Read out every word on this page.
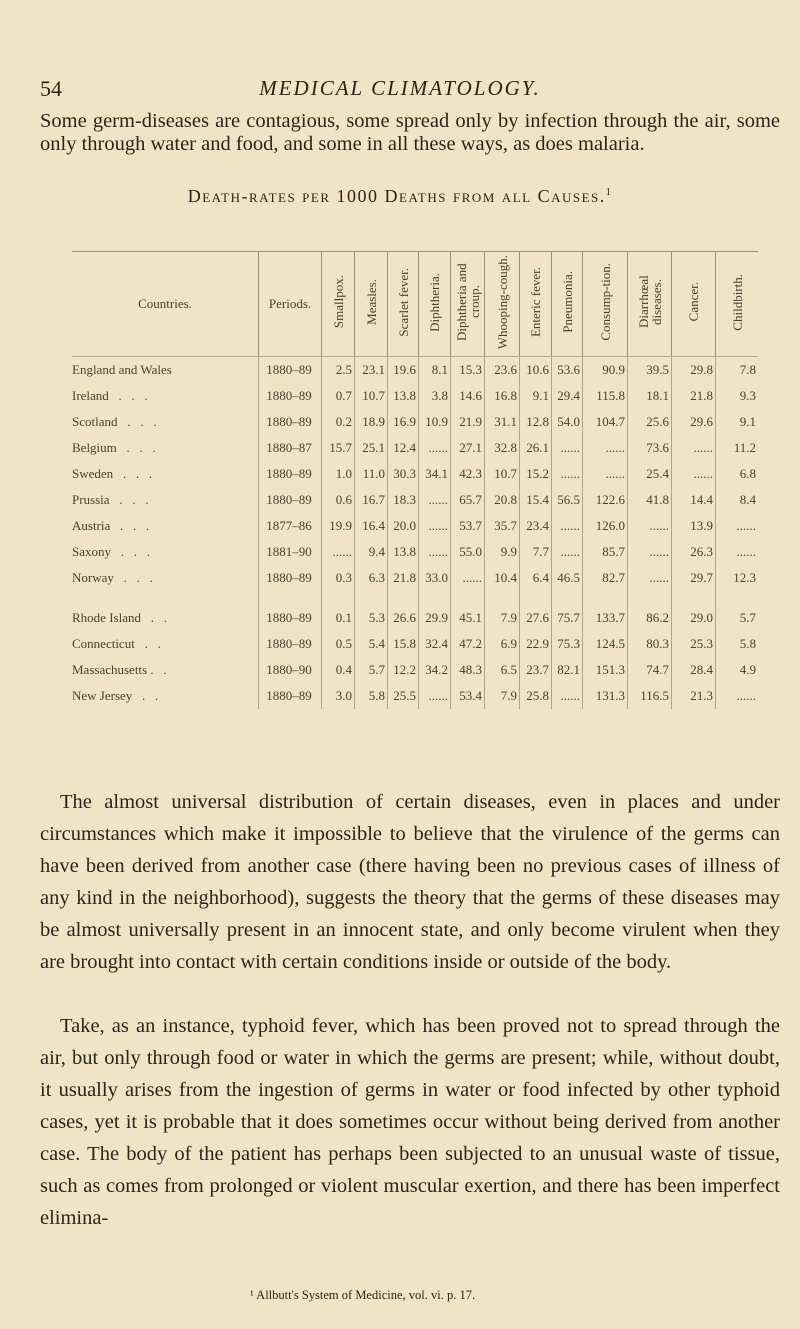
54	MEDICAL CLIMATOLOGY.
Some germ-diseases are contagious, some spread only by infection through the air, some only through water and food, and some in all these ways, as does malaria.
Death-rates per 1000 Deaths from all Causes.$^1$
Countries.	Periods.	Smallpox.	Measles.	Scarlet fever.	Diphtheria.	Diphtheria and croup.	Whooping-cough.	Enteric fever.	Pneumonia.	Consump-tion.	Diarrhœal diseases.	Cancer.	Childbirth.
England and Wales	1880–89	2.5	23.1	19.6	8.1	15.3	23.6	10.6	53.6	90.9	39.5	29.8	7.8
Ireland   .   .   .	1880–89	0.7	10.7	13.8	3.8	14.6	16.8	9.1	29.4	115.8	18.1	21.8	9.3
Scotland   .   .   .	1880–89	0.2	18.9	16.9	10.9	21.9	31.1	12.8	54.0	104.7	25.6	29.6	9.1
Belgium   .   .   .	1880–87	15.7	25.1	12.4	......	27.1	32.8	26.1	......	......	73.6	......	11.2
Sweden   .   .   .	1880–89	1.0	11.0	30.3	34.1	42.3	10.7	15.2	......	......	25.4	......	6.8
Prussia   .   .   .	1880–89	0.6	16.7	18.3	......	65.7	20.8	15.4	56.5	122.6	41.8	14.4	8.4
Austria   .   .   .	1877–86	19.9	16.4	20.0	......	53.7	35.7	23.4	......	126.0	......	13.9	......
Saxony   .   .   .	1881–90	......	9.4	13.8	......	55.0	9.9	7.7	......	85.7	......	26.3	......
Norway   .   .   .	1880–89	0.3	6.3	21.8	33.0	......	10.4	6.4	46.5	82.7	......	29.7	12.3

Rhode Island   .   .	1880–89	0.1	5.3	26.6	29.9	45.1	7.9	27.6	75.7	133.7	86.2	29.0	5.7
Connecticut   .   .	1880–89	0.5	5.4	15.8	32.4	47.2	6.9	22.9	75.3	124.5	80.3	25.3	5.8
Massachusetts .   .	1880–90	0.4	5.7	12.2	34.2	48.3	6.5	23.7	82.1	151.3	74.7	28.4	4.9
New Jersey   .   .	1880–89	3.0	5.8	25.5	......	53.4	7.9	25.8	......	131.3	116.5	21.3	......
The almost universal distribution of certain diseases, even in places and under circumstances which make it impossible to believe that the virulence of the germs can have been derived from another case (there having been no previous cases of illness of any kind in the neighborhood), suggests the theory that the germs of these diseases may be almost universally present in an innocent state, and only become virulent when they are brought into contact with certain conditions inside or outside of the body.
Take, as an instance, typhoid fever, which has been proved not to spread through the air, but only through food or water in which the germs are present; while, without doubt, it usually arises from the ingestion of germs in water or food infected by other typhoid cases, yet it is probable that it does sometimes occur without being derived from another case. The body of the patient has perhaps been subjected to an unusual waste of tissue, such as comes from prolonged or violent muscular exertion, and there has been imperfect elimina-
¹ Allbutt's System of Medicine, vol. vi. p. 17.
